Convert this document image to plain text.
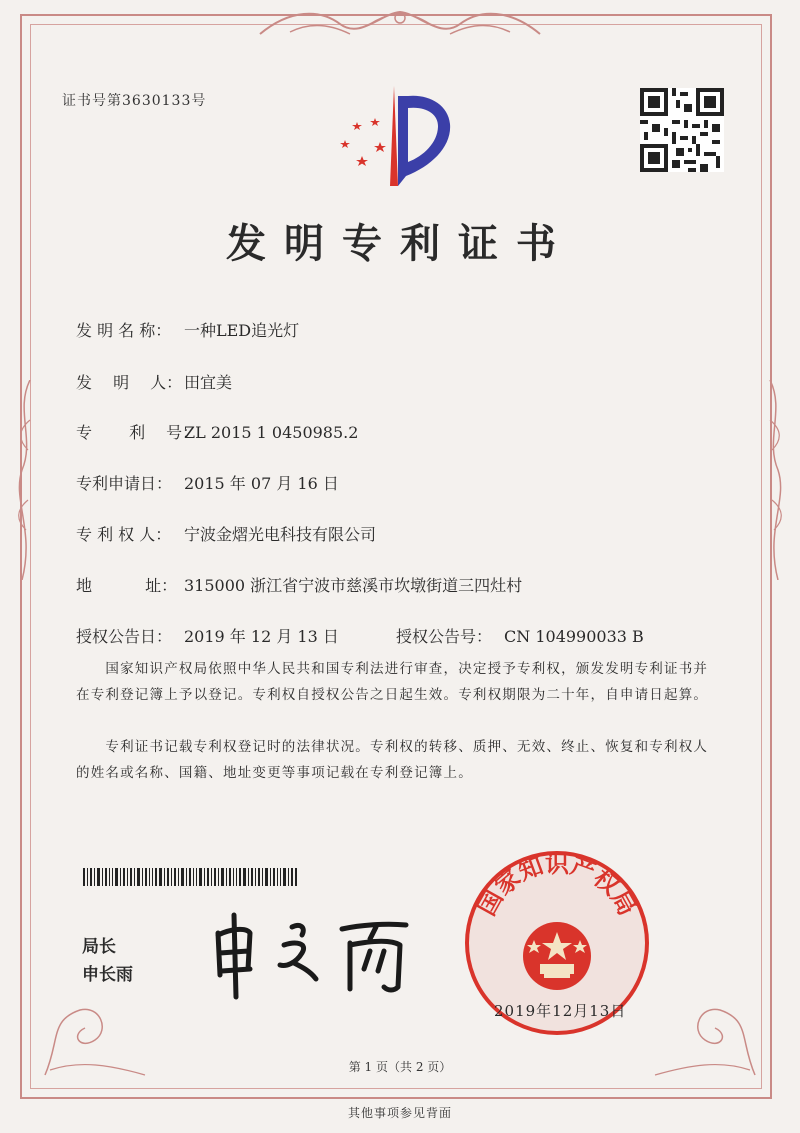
证书号第3630133号
发明专利证书
发 明 名 称： 一种LED追光灯
发　 明　 人： 田宜美
专　　 利　 号：ZL 2015 1 0450985.2
专利申请日： 2015 年 07 月 16 日
专 利 权 人： 宁波金熠光电科技有限公司
地　　　 址： 315000 浙江省宁波市慈溪市坎墩街道三四灶村
授权公告日： 2019 年 12 月 13 日	授权公告号： CN 104990033 B
　　国家知识产权局依照中华人民共和国专利法进行审查，决定授予专利权，颁发发明专利证书并在专利登记簿上予以登记。专利权自授权公告之日起生效。专利权期限为二十年，自申请日起算。
　　专利证书记载专利权登记时的法律状况。专利权的转移、质押、无效、终止、恢复和专利权人的姓名或名称、国籍、地址变更等事项记载在专利登记簿上。
局长
申长雨
国家知识产权局
2019年12月13日
第 1 页（共 2 页）
其他事项参见背面
